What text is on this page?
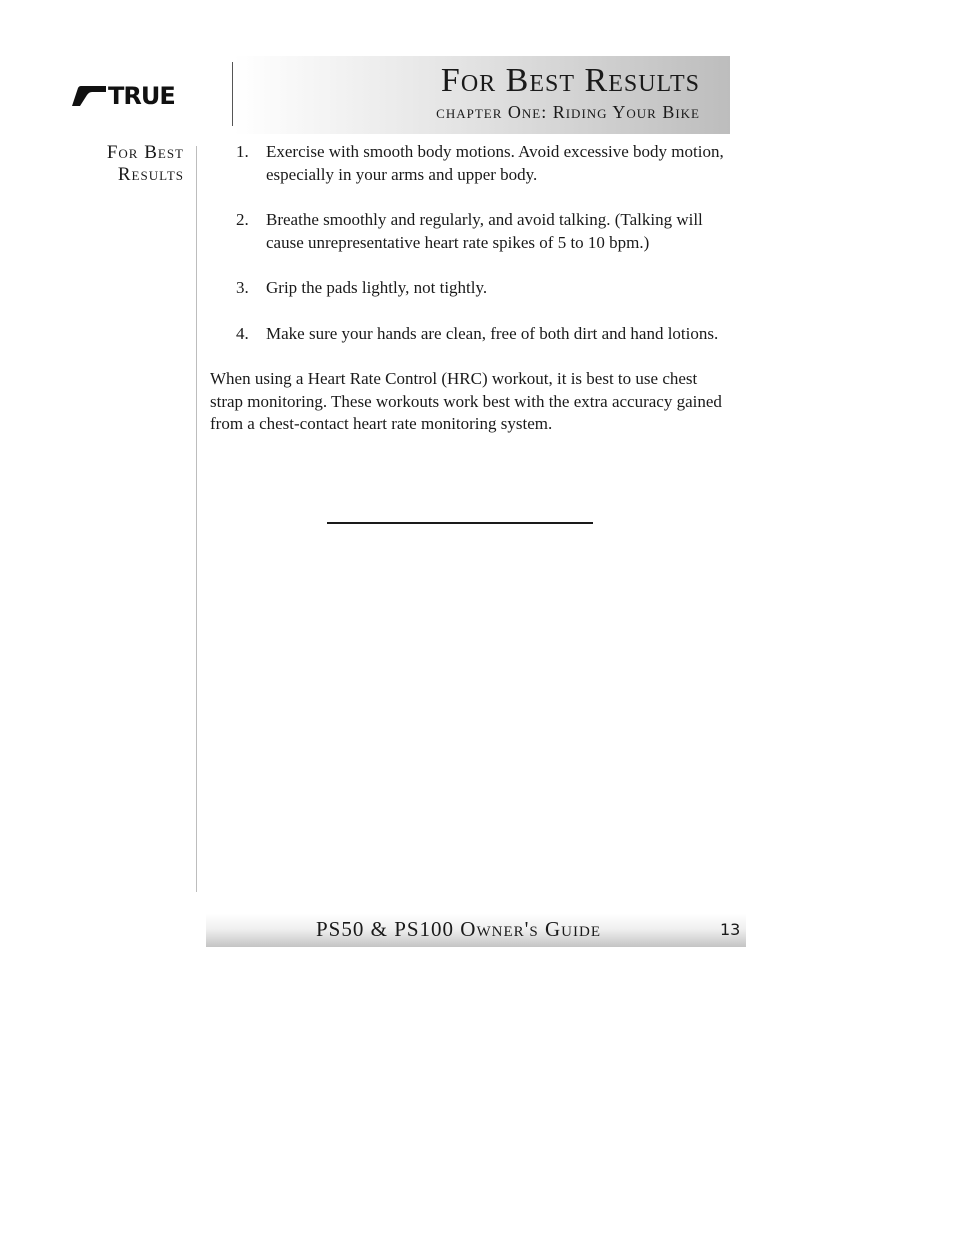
TRUE	For Best Results
chapter One: Riding Your Bike
For Best
Results
1. Exercise with smooth body motions. Avoid excessive body motion, especially in your arms and upper body.
2. Breathe smoothly and regularly, and avoid talking. (Talking will cause unrepresentative heart rate spikes of 5 to 10 bpm.)
3. Grip the pads lightly, not tightly.
4. Make sure your hands are clean, free of both dirt and hand lotions.

When using a Heart Rate Control (HRC) workout, it is best to use chest strap monitoring. These workouts work best with the extra accuracy gained from a chest-contact heart rate monitoring system.

PS50 & PS100 Owner's Guide	13
